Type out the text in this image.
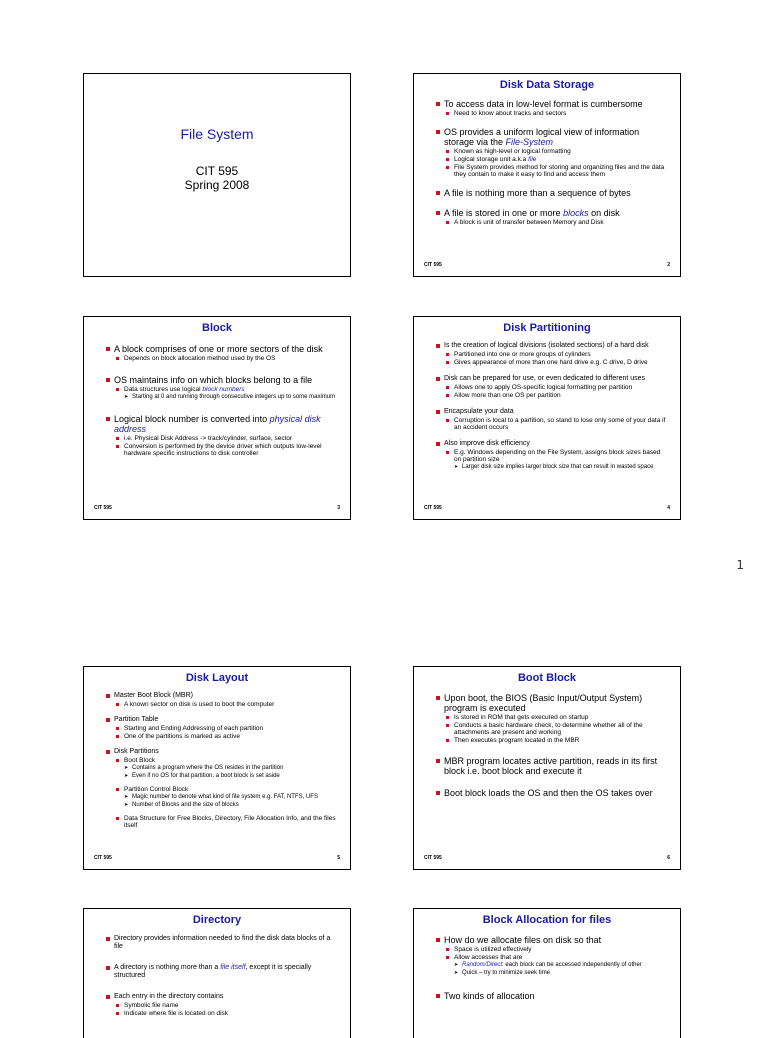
File System
CIT 595
Spring 2008
Disk Data Storage
To access data in low-level format is cumbersome
Need to know about tracks and sectors
OS provides a uniform logical view of information storage via the File-System
Known as high-level or logical formatting
Logical storage unit a.k.a file
File System provides method for storing and organizing files and the data they contain to make it easy to find and access them
A file is nothing more than a sequence of bytes
A file is stored in one or more blocks on disk
A block is unit of transfer between Memory and Disk
CIT 595	2
Block
A block comprises of one or more sectors of the disk
Depends on block allocation method used by the OS
OS maintains info on which blocks belong to a file
Data structures use logical block numbers
➤ Starting at 0 and running through consecutive integers up to some maximum
Logical block number is converted into physical disk address
i.e. Physical Disk Address -> track/cylinder, surface, sector
Conversion is performed by the device driver which outputs low-level hardware specific instructions to disk controller
CIT 595	3
Disk Partitioning
Is the creation of logical divisions (isolated sections) of a hard disk
Partitioned into one or more groups of cylinders
Gives appearance of more than one hard drive e.g. C drive, D drive
Disk can be prepared for use, or even dedicated to different uses
Allows one to apply OS-specific logical formatting per partition
Allow more than one OS per partition
Encapsulate your data
Corruption is local to a partition, so stand to lose only some of your data if an accident occurs
Also improve disk efficiency
E.g. Windows depending on the File System, assigns block sizes based on partition size
➤ Larger disk size implies larger block size that can result in wasted space
CIT 595	4
1
Disk Layout
Master Boot Block (MBR)
A known sector on disk is used to boot the computer
Partition Table
Starting and Ending Addressing of each partition
One of the partitions is marked as active
Disk Partitions
Boot Block
➤ Contains a program where the OS resides in the partition
➤ Even if no OS for that partition, a boot block is set aside
Partition Control Block
➤ Magic number to denote what kind of file system e.g. FAT, NTFS, UFS
➤ Number of Blocks and the size of blocks
Data Structure for Free Blocks, Directory, File Allocation Info, and the files itself
CIT 595	5
Boot Block
Upon boot, the BIOS (Basic Input/Output System) program is executed
Is stored in ROM that gets executed on startup
Conducts a basic hardware check, to determine whether all of the attachments are present and working
Then executes program located in the MBR
MBR program locates active partition, reads in its first block i.e. boot block and execute it
Boot block loads the OS and then the OS takes over
CIT 595	6
Directory
Directory provides information needed to find the disk data blocks of a file
A directory is nothing more than a file itself, except it is specially structured
Each entry in the directory contains
Symbolic file name
Indicate where file is located on disk
Block Allocation for files
How do we allocate files on disk so that
Space is utilized effectively
Allow accesses that are
➤ Random/Direct: each block can be accessed independently of other
➤ Quick – try to minimize seek time
Two kinds of allocation
